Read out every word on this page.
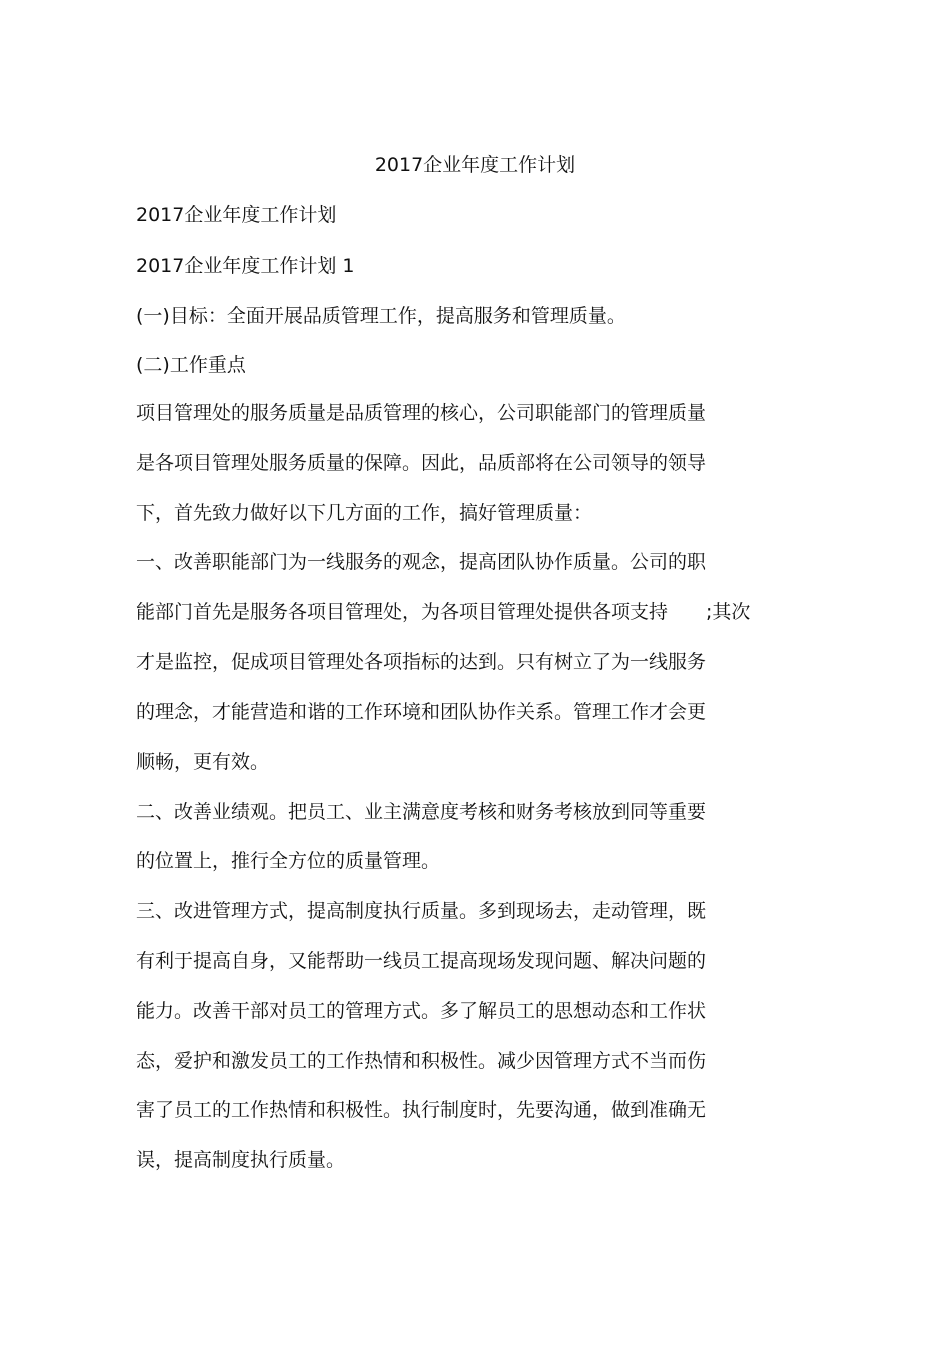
2017企业年度工作计划
2017企业年度工作计划
2017企业年度工作计划 1
(一)目标：全面开展品质管理工作，提高服务和管理质量。
(二)工作重点
项目管理处的服务质量是品质管理的核心，公司职能部门的管理质量
是各项目管理处服务质量的保障。因此，品质部将在公司领导的领导
下，首先致力做好以下几方面的工作，搞好管理质量：
一、改善职能部门为一线服务的观念，提高团队协作质量。公司的职
能部门首先是服务各项目管理处，为各项目管理处提供各项支持 ;其次
才是监控，促成项目管理处各项指标的达到。只有树立了为一线服务
的理念，才能营造和谐的工作环境和团队协作关系。管理工作才会更
顺畅，更有效。
二、改善业绩观。把员工、业主满意度考核和财务考核放到同等重要
的位置上，推行全方位的质量管理。
三、改进管理方式，提高制度执行质量。多到现场去，走动管理，既
有利于提高自身，又能帮助一线员工提高现场发现问题、解决问题的
能力。改善干部对员工的管理方式。多了解员工的思想动态和工作状
态，爱护和激发员工的工作热情和积极性。减少因管理方式不当而伤
害了员工的工作热情和积极性。执行制度时，先要沟通，做到准确无
误，提高制度执行质量。
